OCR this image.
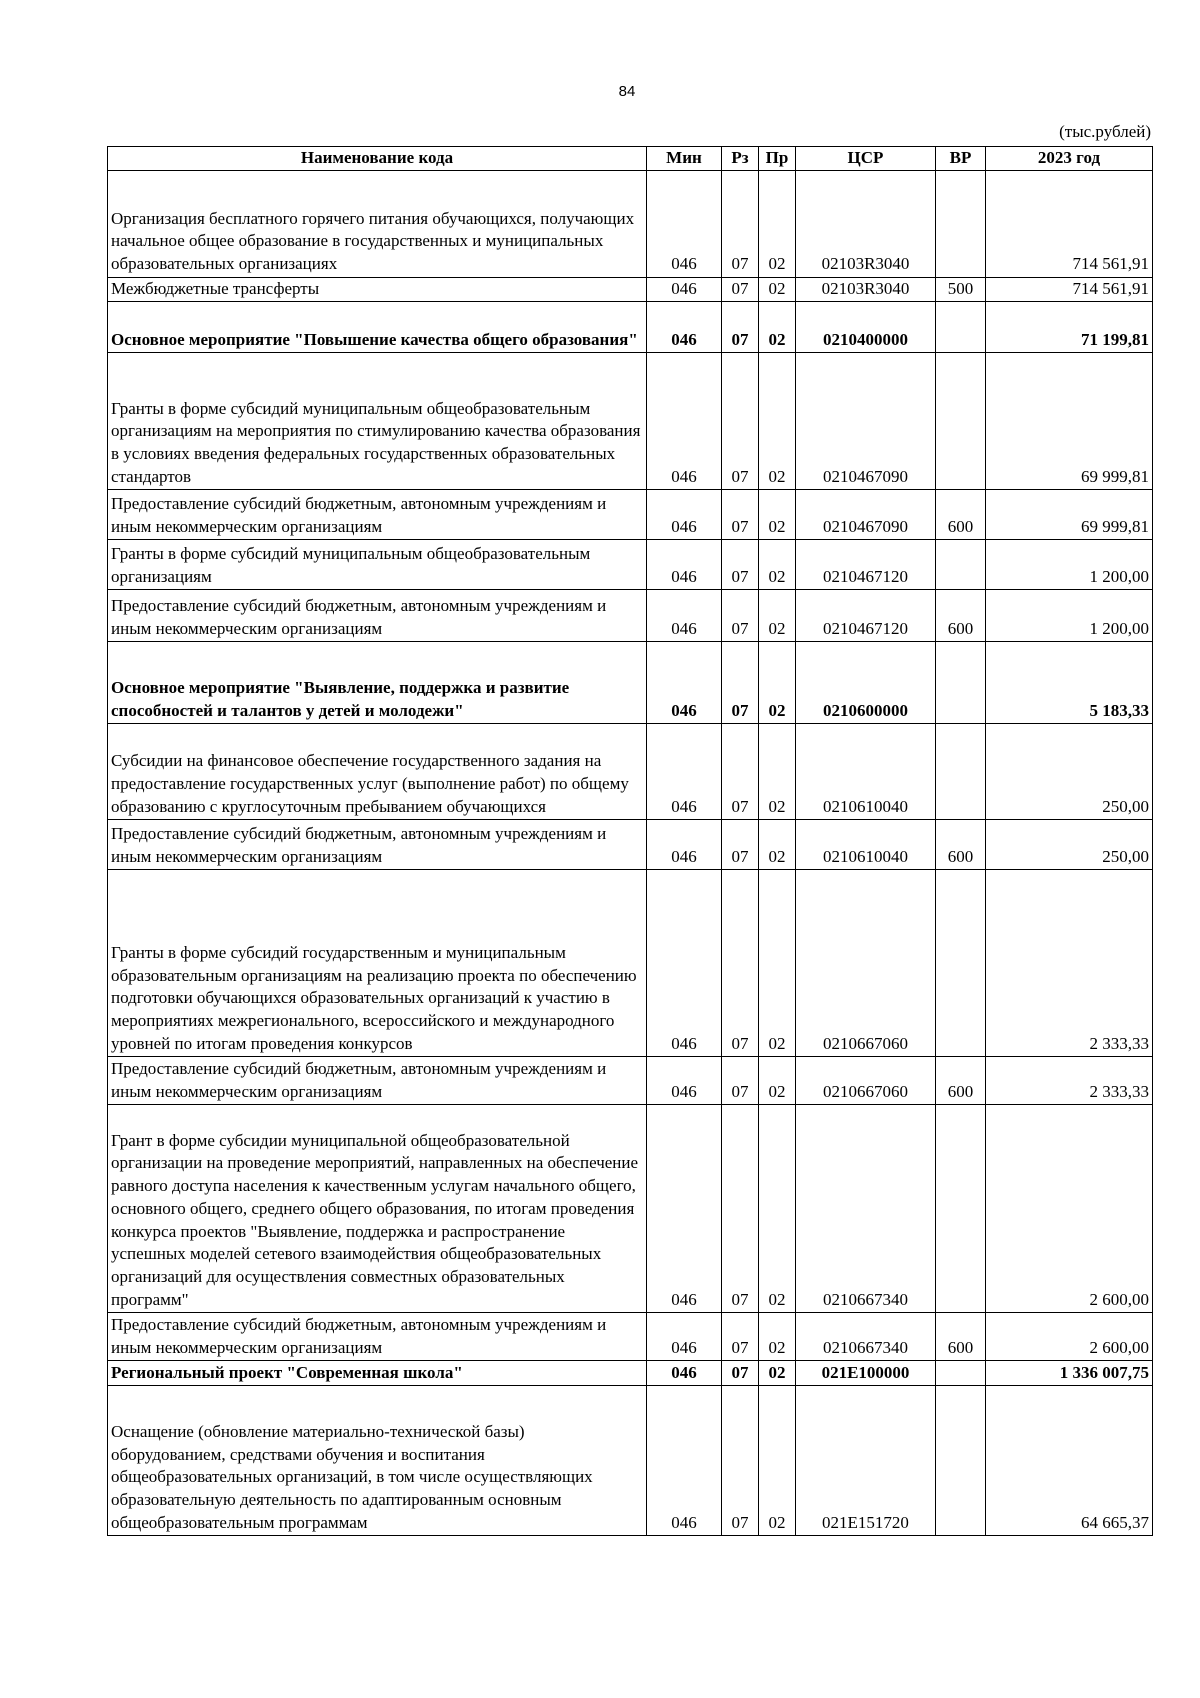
84
(тыс.рублей)
Наименование кода	Мин	Рз	Пр	ЦСР	ВР	2023 год
Организация бесплатного горячего питания обучающихся, получающих начальное общее образование в государственных и муниципальных образовательных организациях	046	07	02	02103R3040		714 561,91
Межбюджетные трансферты	046	07	02	02103R3040	500	714 561,91
Основное мероприятие "Повышение качества общего образования"	046	07	02	0210400000		71 199,81
Гранты в форме субсидий муниципальным общеобразовательным организациям на мероприятия по стимулированию качества образования в условиях введения федеральных государственных образовательных стандартов	046	07	02	0210467090		69 999,81
Предоставление субсидий бюджетным, автономным учреждениям и иным некоммерческим организациям	046	07	02	0210467090	600	69 999,81
Гранты в форме субсидий муниципальным общеобразовательным организациям	046	07	02	0210467120		1 200,00
Предоставление субсидий бюджетным, автономным учреждениям и иным некоммерческим организациям	046	07	02	0210467120	600	1 200,00
Основное мероприятие "Выявление, поддержка и развитие способностей и талантов у детей и молодежи"	046	07	02	0210600000		5 183,33
Субсидии на финансовое обеспечение государственного задания на предоставление государственных услуг (выполнение работ) по общему образованию с круглосуточным пребыванием обучающихся	046	07	02	0210610040		250,00
Предоставление субсидий бюджетным, автономным учреждениям и иным некоммерческим организациям	046	07	02	0210610040	600	250,00
Гранты в форме субсидий государственным и муниципальным образовательным организациям на реализацию проекта по обеспечению подготовки обучающихся образовательных организаций к участию в мероприятиях межрегионального, всероссийского и международного уровней по итогам проведения конкурсов	046	07	02	0210667060		2 333,33
Предоставление субсидий бюджетным, автономным учреждениям и иным некоммерческим организациям	046	07	02	0210667060	600	2 333,33
Грант в форме субсидии муниципальной общеобразовательной организации на проведение мероприятий, направленных на обеспечение равного доступа населения к качественным услугам начального общего, основного общего, среднего общего образования, по итогам проведения конкурса проектов "Выявление, поддержка и распространение успешных моделей сетевого взаимодействия общеобразовательных организаций для осуществления совместных образовательных программ"	046	07	02	0210667340		2 600,00
Предоставление субсидий бюджетным, автономным учреждениям и иным некоммерческим организациям	046	07	02	0210667340	600	2 600,00
Региональный проект "Современная школа"	046	07	02	021E100000		1 336 007,75
Оснащение (обновление материально-технической базы) оборудованием, средствами обучения и воспитания общеобразовательных организаций, в том числе осуществляющих образовательную деятельность по адаптированным основным общеобразовательным программам	046	07	02	021E151720		64 665,37
